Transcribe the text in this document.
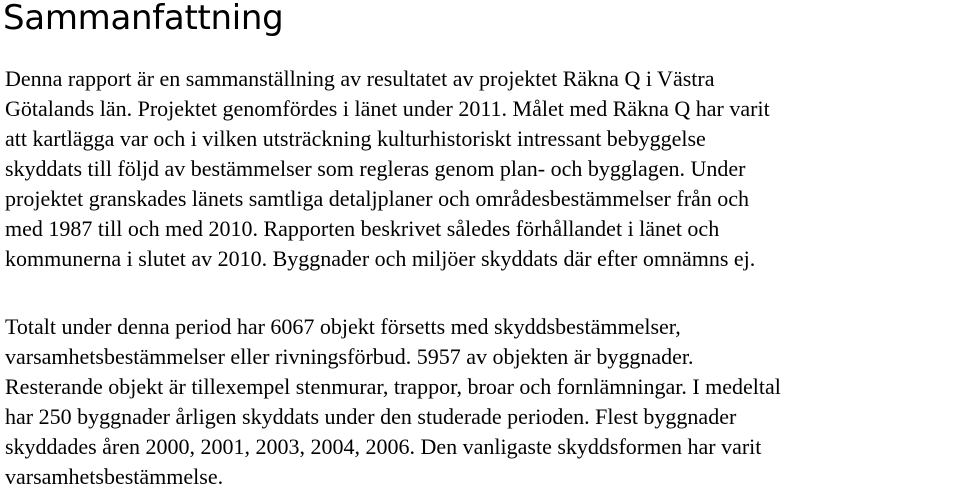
Sammanfattning

Denna rapport är en sammanställning av resultatet av projektet Räkna Q i Västra
Götalands län. Projektet genomfördes i länet under 2011. Målet med Räkna Q har varit
att kartlägga var och i vilken utsträckning kulturhistoriskt intressant bebyggelse
skyddats till följd av bestämmelser som regleras genom plan- och bygglagen. Under
projektet granskades länets samtliga detaljplaner och områdesbestämmelser från och
med 1987 till och med 2010. Rapporten beskrivet således förhållandet i länet och
kommunerna i slutet av 2010. Byggnader och miljöer skyddats där efter omnämns ej.

Totalt under denna period har 6067 objekt försetts med skyddsbestämmelser,
varsamhetsbestämmelser eller rivningsförbud. 5957 av objekten är byggnader.
Resterande objekt är tillexempel stenmurar, trappor, broar och fornlämningar. I medeltal
har 250 byggnader årligen skyddats under den studerade perioden. Flest byggnader
skyddades åren 2000, 2001, 2003, 2004, 2006. Den vanligaste skyddsformen har varit
varsamhetsbestämmelse.
